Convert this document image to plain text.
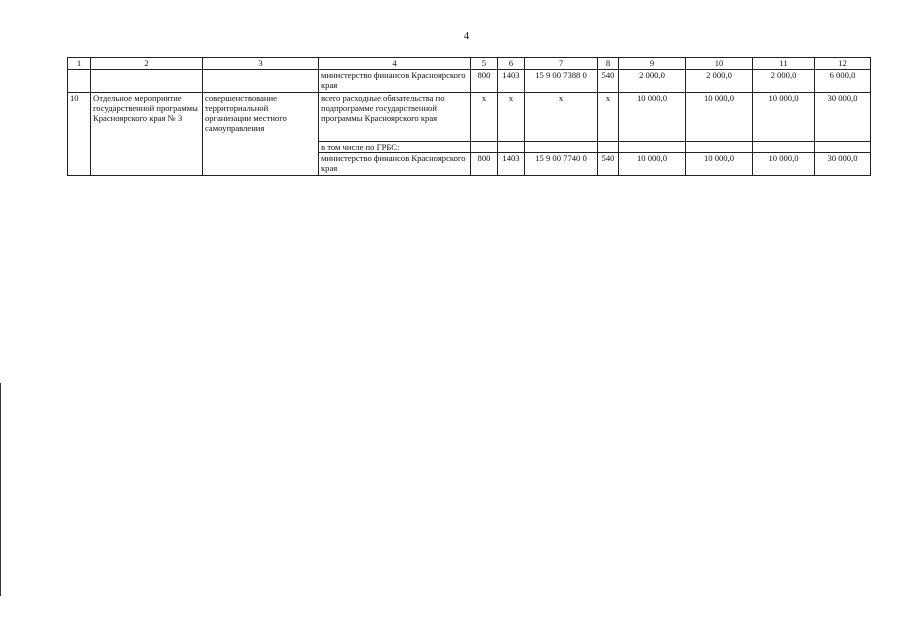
4
1	2	3	4	5	6	7	8	9	10	11	12
			министерство финансов Красноярского края	800	1403	15 9 00 7388 0	540	2 000,0	2 000,0	2 000,0	6 000,0
10	Отдельное мероприятие государственной программы Красноярского края № 3	совершенствование территориальной организации местного самоуправления	всего расходные обязательства по подпрограмме государственной программы Красноярского края	х	х	х	х	10 000,0	10 000,0	10 000,0	30 000,0
			в том числе по ГРБС:								
			министерство финансов Красноярского края	800	1403	15 9 00 7740 0	540	10 000,0	10 000,0	10 000,0	30 000,0
